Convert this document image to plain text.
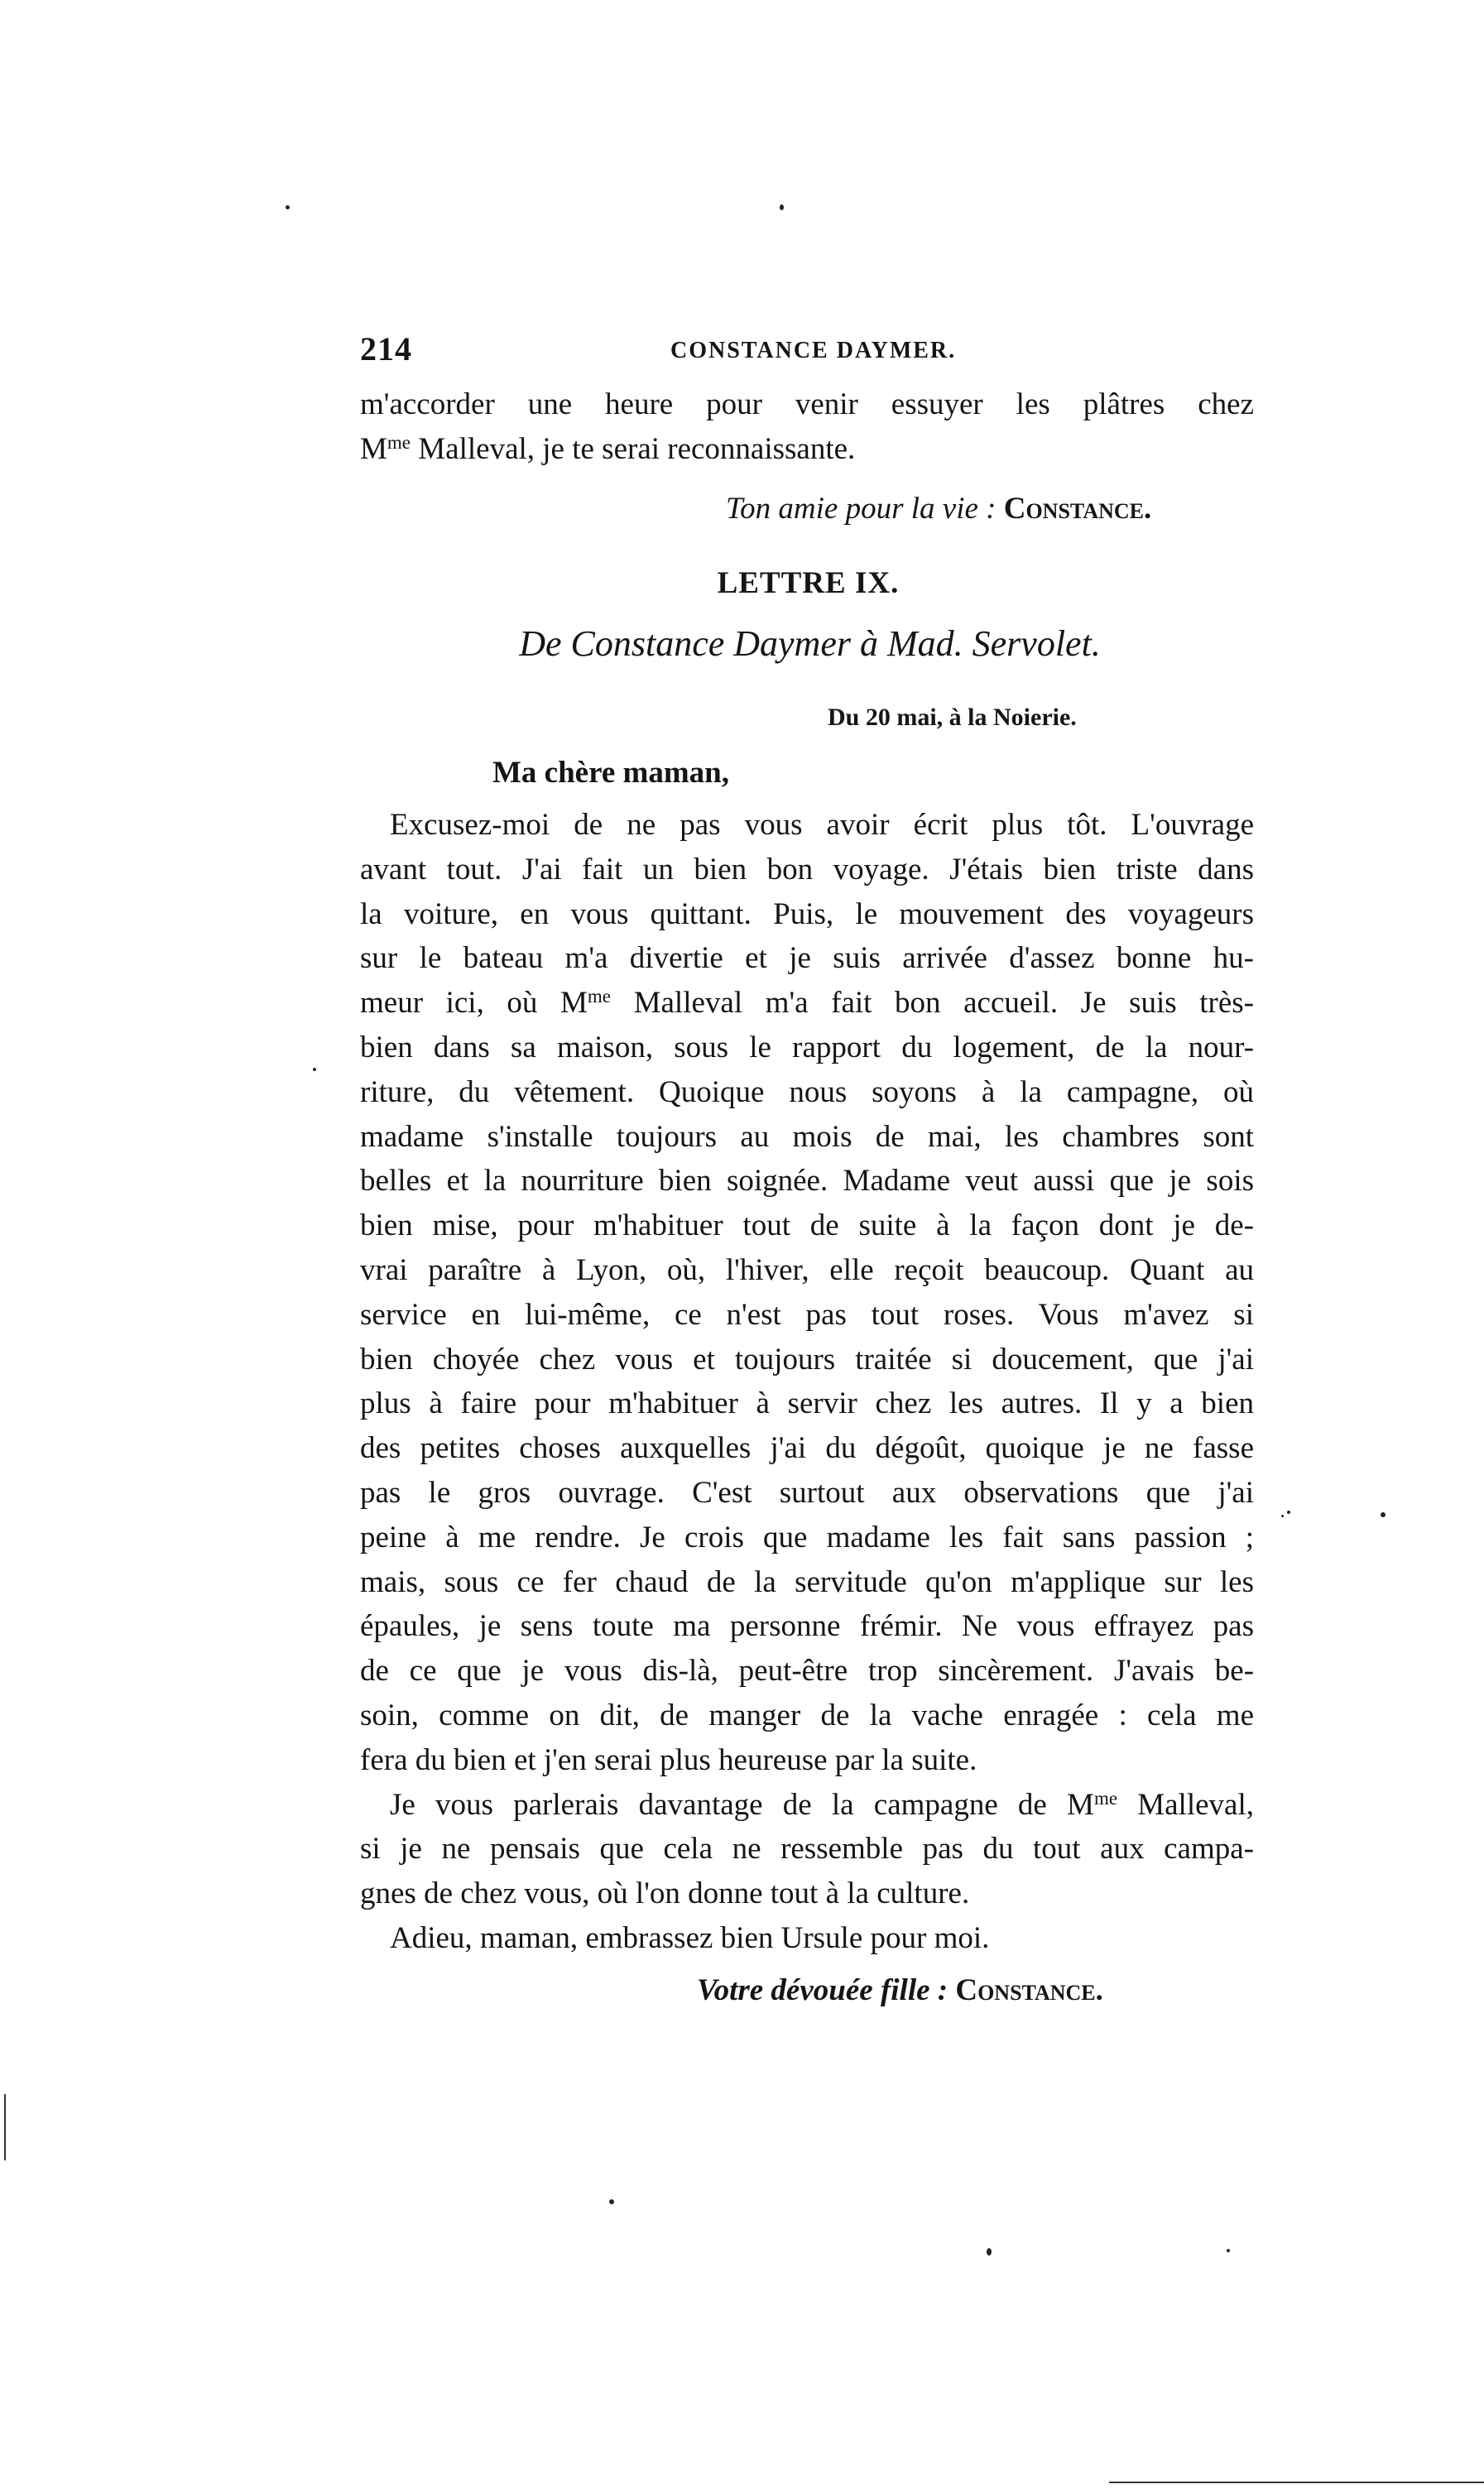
214	CONSTANCE DAYMER.
m'accorder une heure pour venir essuyer les plâtres chez
$M^{me}$ Malleval, je te serai reconnaissante.
Ton amie pour la vie : Constance.
LETTRE IX.
De Constance Daymer à Mad. Servolet.
Du 20 mai, à la Noierie.
Ma chère maman,
Excusez-moi de ne pas vous avoir écrit plus tôt. L'ouvrage
avant tout. J'ai fait un bien bon voyage. J'étais bien triste dans
la voiture, en vous quittant. Puis, le mouvement des voyageurs
sur le bateau m'a divertie et je suis arrivée d'assez bonne hu-
meur ici, où $M^{me}$ Malleval m'a fait bon accueil. Je suis très-
bien dans sa maison, sous le rapport du logement, de la nour-
riture, du vêtement. Quoique nous soyons à la campagne, où
madame s'installe toujours au mois de mai, les chambres sont
belles et la nourriture bien soignée. Madame veut aussi que je sois
bien mise, pour m'habituer tout de suite à la façon dont je de-
vrai paraître à Lyon, où, l'hiver, elle reçoit beaucoup. Quant au
service en lui-même, ce n'est pas tout roses. Vous m'avez si
bien choyée chez vous et toujours traitée si doucement, que j'ai
plus à faire pour m'habituer à servir chez les autres. Il y a bien
des petites choses auxquelles j'ai du dégoût, quoique je ne fasse
pas le gros ouvrage. C'est surtout aux observations que j'ai
peine à me rendre. Je crois que madame les fait sans passion ;
mais, sous ce fer chaud de la servitude qu'on m'applique sur les
épaules, je sens toute ma personne frémir. Ne vous effrayez pas
de ce que je vous dis-là, peut-être trop sincèrement. J'avais be-
soin, comme on dit, de manger de la vache enragée : cela me
fera du bien et j'en serai plus heureuse par la suite.
Je vous parlerais davantage de la campagne de $M^{me}$ Malleval,
si je ne pensais que cela ne ressemble pas du tout aux campa-
gnes de chez vous, où l'on donne tout à la culture.
Adieu, maman, embrassez bien Ursule pour moi.
Votre dévouée fille : Constance.
